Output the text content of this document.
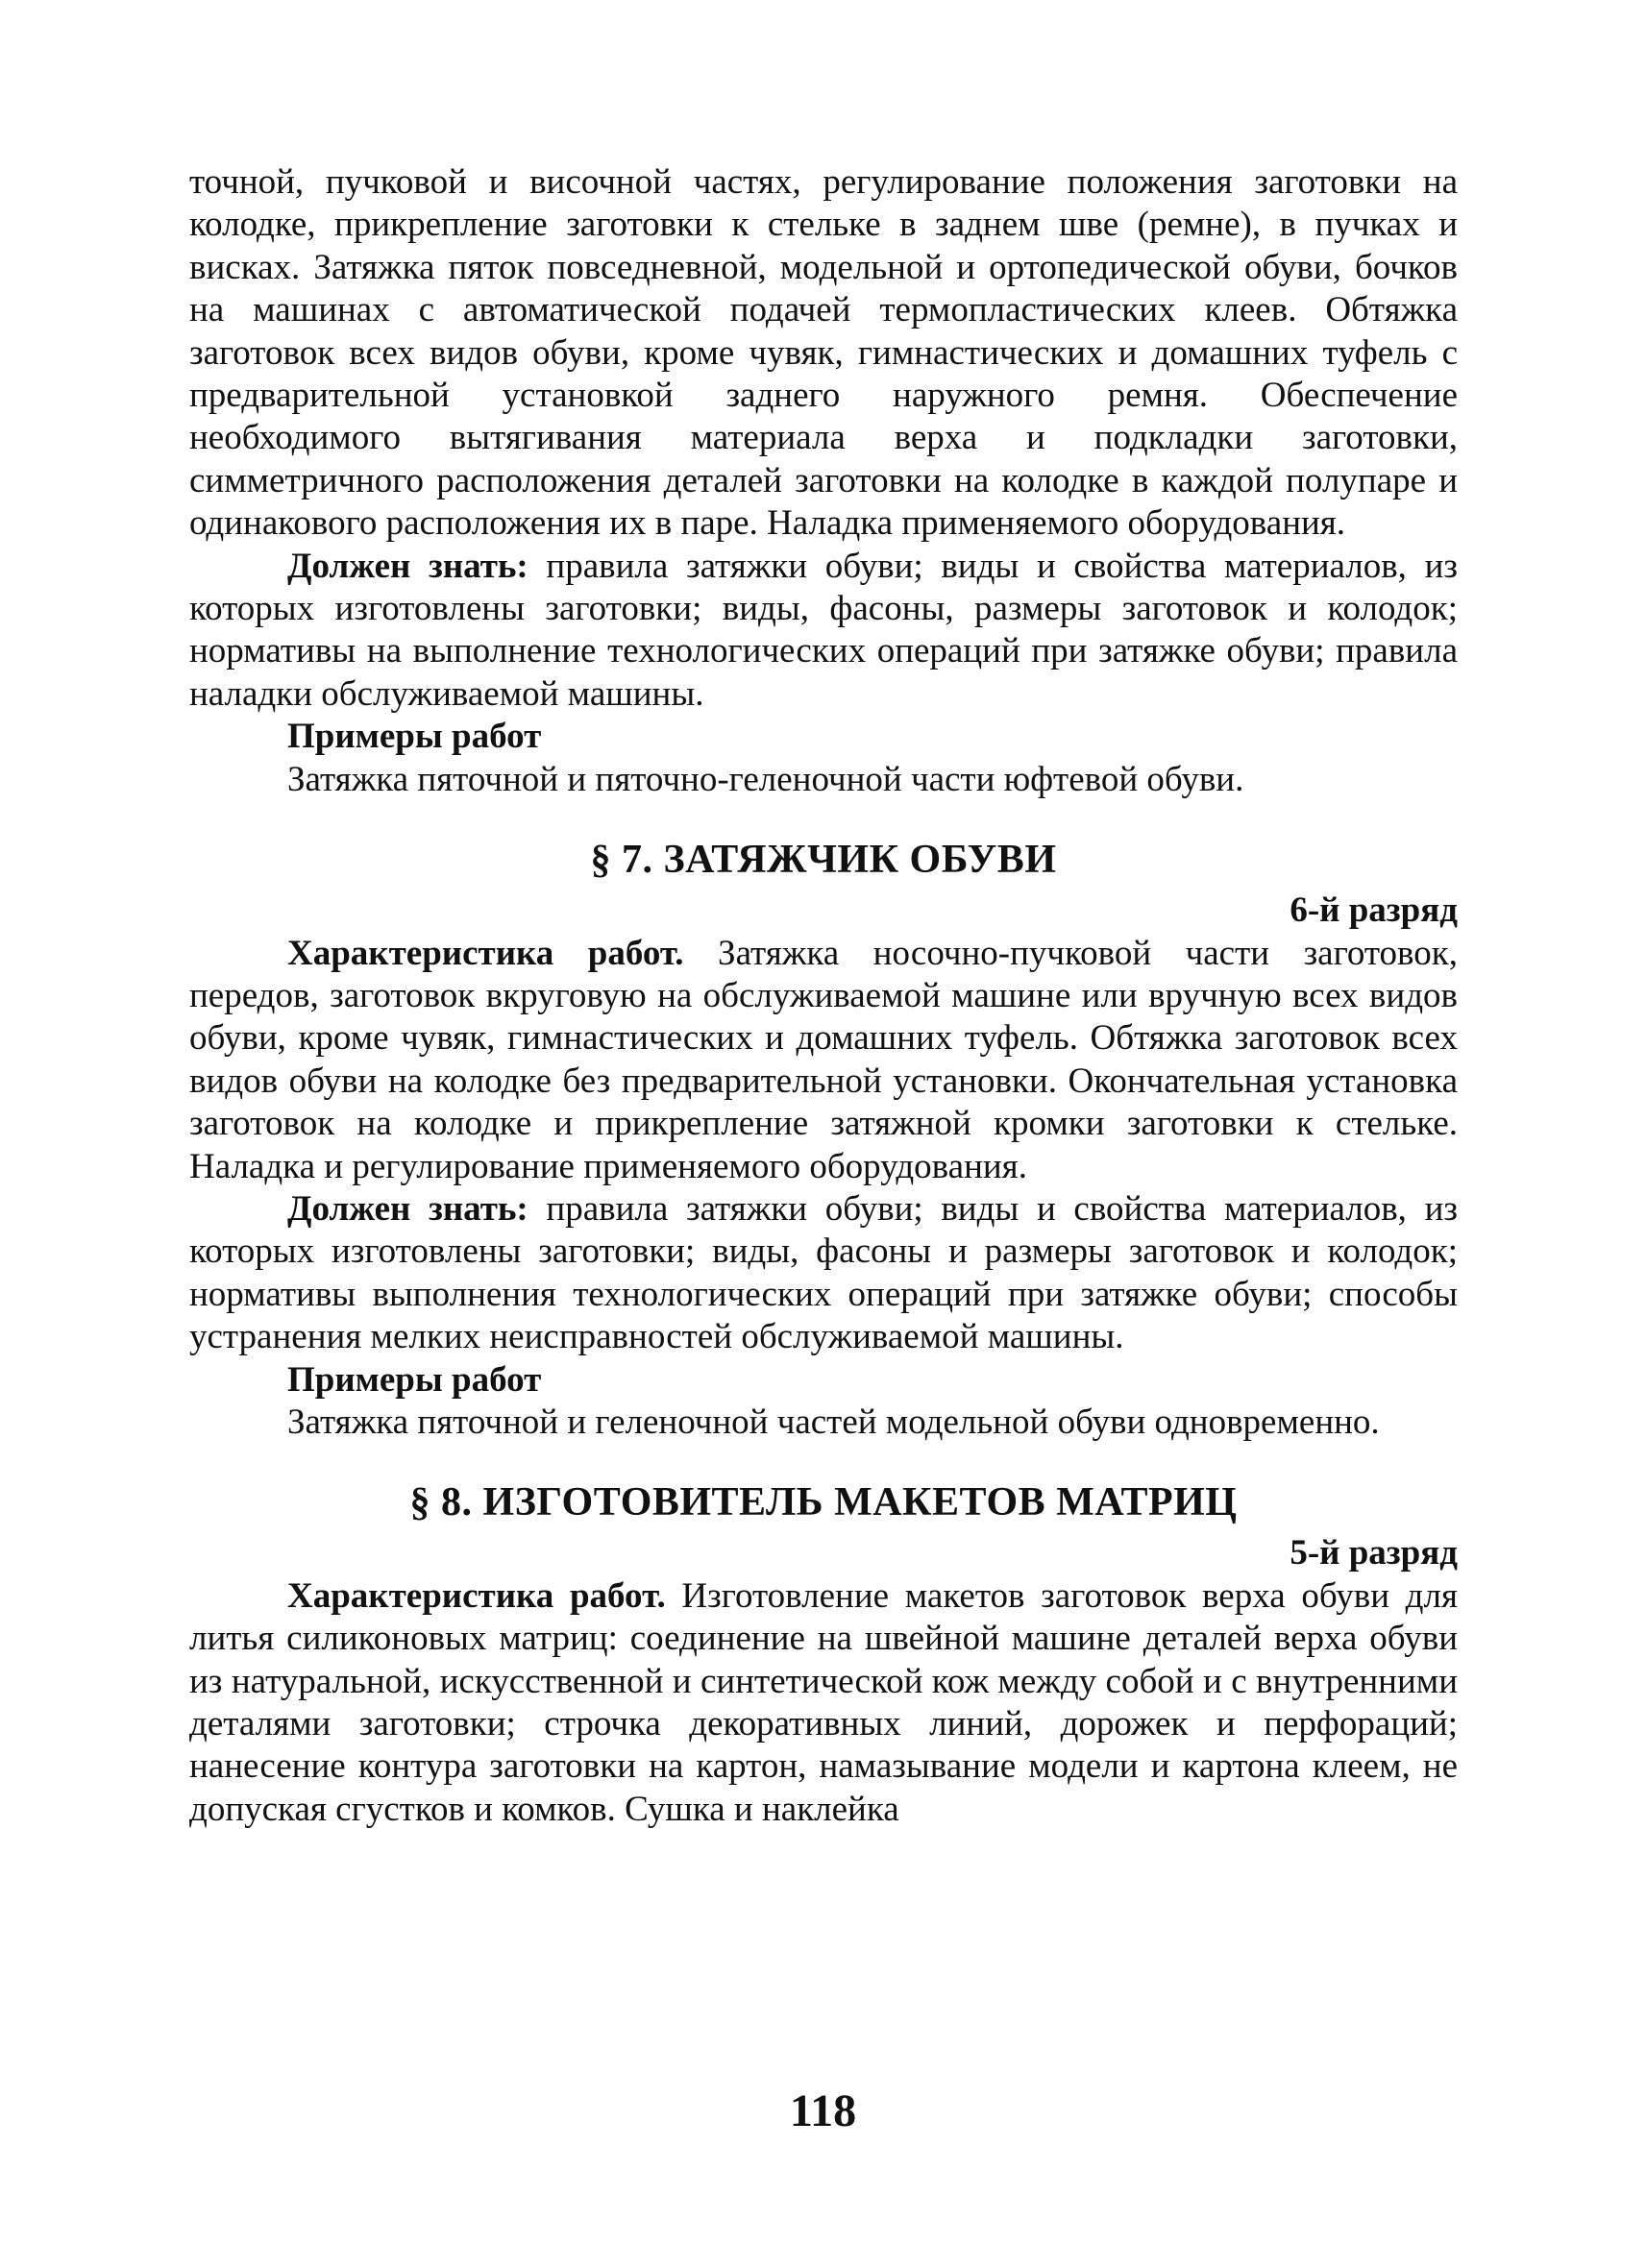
точной, пучковой и височной частях, регулирование положения заготовки на колодке, прикрепление заготовки к стельке в заднем шве (ремне), в пучках и висках. Затяжка пяток повседневной, модельной и ортопедической обуви, бочков на машинах с автоматической подачей термопластических клеев. Обтяжка заготовок всех видов обуви, кроме чувяк, гимнастических и домашних туфель с предварительной установкой заднего наружного ремня. Обеспечение необходимого вытягивания материала верха и подкладки заготовки, симметричного расположения деталей заготовки на колодке в каждой полупаре и одинакового расположения их в паре. Наладка применяемого оборудования.

Должен знать: правила затяжки обуви; виды и свойства материалов, из которых изготовлены заготовки; виды, фасоны, размеры заготовок и колодок; нормативы на выполнение технологических операций при затяжке обуви; правила наладки обслуживаемой машины.

Примеры работ

Затяжка пяточной и пяточно-геленочной части юфтевой обуви.

§ 7. ЗАТЯЖЧИК ОБУВИ
6-й разряд

Характеристика работ. Затяжка носочно-пучковой части заготовок, передов, заготовок вкруговую на обслуживаемой машине или вручную всех видов обуви, кроме чувяк, гимнастических и домашних туфель. Обтяжка заготовок всех видов обуви на колодке без предварительной установки. Окончательная установка заготовок на колодке и прикрепление затяжной кромки заготовки к стельке. Наладка и регулирование применяемого оборудования.

Должен знать: правила затяжки обуви; виды и свойства материалов, из которых изготовлены заготовки; виды, фасоны и размеры заготовок и колодок; нормативы выполнения технологических операций при затяжке обуви; способы устранения мелких неисправностей обслуживаемой машины.

Примеры работ

Затяжка пяточной и геленочной частей модельной обуви одновременно.

§ 8. ИЗГОТОВИТЕЛЬ МАКЕТОВ МАТРИЦ
5-й разряд

Характеристика работ. Изготовление макетов заготовок верха обуви для литья силиконовых матриц: соединение на швейной машине деталей верха обуви из натуральной, искусственной и синтетической кож между собой и с внутренними деталями заготовки; строчка декоративных линий, дорожек и перфораций; нанесение контура заготовки на картон, намазывание модели и картона клеем, не допуская сгустков и комков. Сушка и наклейка

118
